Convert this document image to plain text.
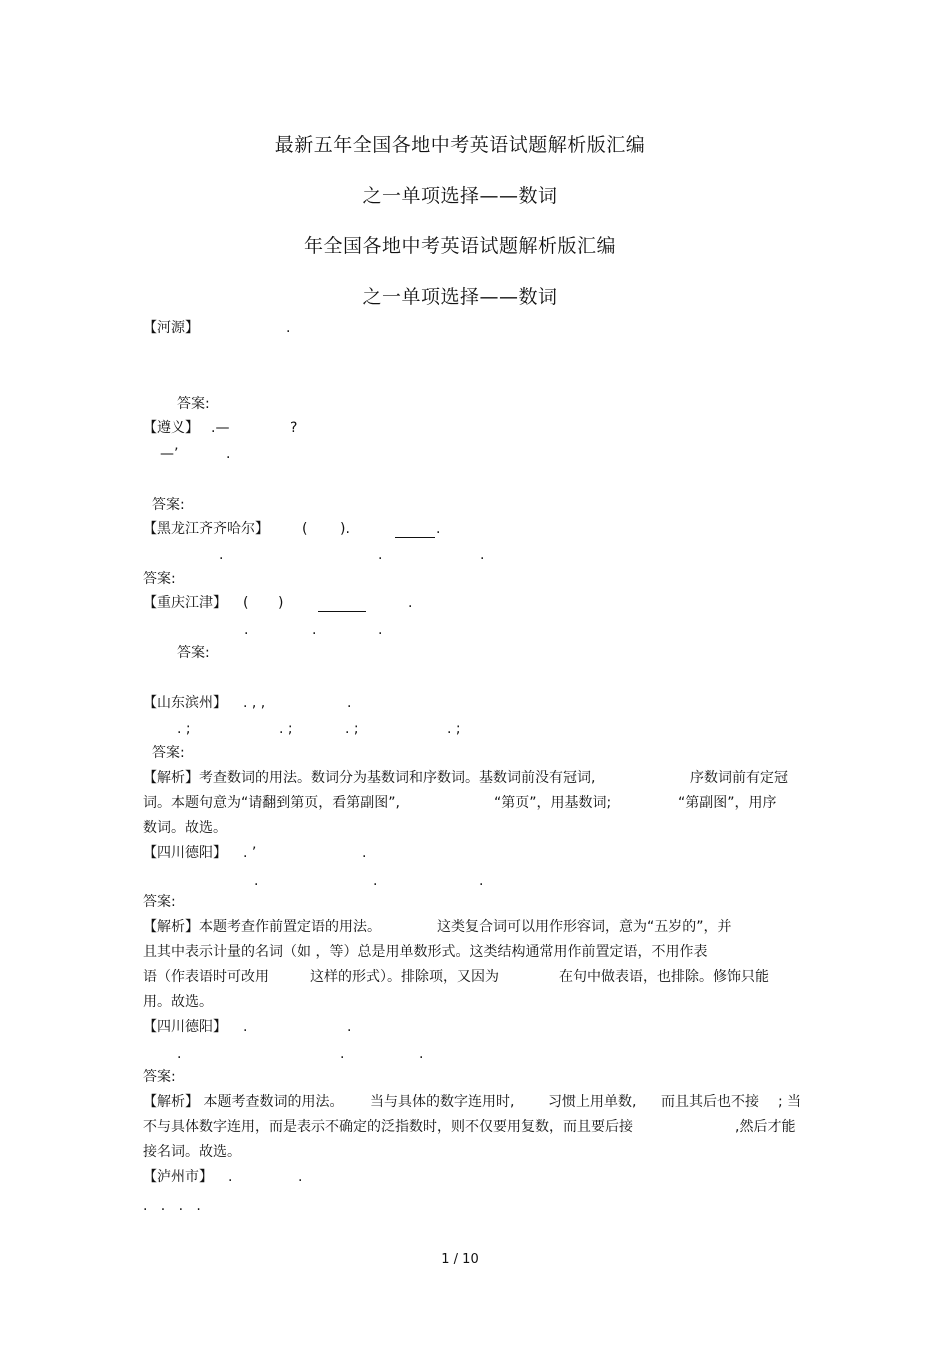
最新五年全国各地中考英语试题解析版汇编
之一单项选择——数词
年全国各地中考英语试题解析版汇编
之一单项选择——数词
【河源】	.
答案:
【遵义】 .—	?
—’	.
答案:
【黑龙江齐齐哈尔】 ( ).	.
.	.	.
答案:
【重庆江津】 ( )	.
.	.	.
答案:
【山东滨州】 . , ,	.
. ;	. ;	. ;	. ;
答案:
【解析】考查数词的用法。数词分为基数词和序数词。基数词前没有冠词,	序数词前有定冠
词。本题句意为“请翻到第页，看第副图”,	“第页”，用基数词;	“第副图”，用序
数词。故选。
【四川德阳】 . ’	.
.	.	.
答案:
【解析】本题考查作前置定语的用法。	这类复合词可以用作形容词，意为“五岁的”，并
且其中表示计量的名词（如 ，等）总是用单数形式。这类结构通常用作前置定语，不用作表
语（作表语时可改用	这样的形式）。排除项，又因为	在句中做表语，也排除。修饰只能
用。故选。
【四川德阳】 .	.
.	.	.
答案:
【解析】 本题考查数词的用法。 当与具体的数字连用时, 习惯上用单数, 而且其后也不接 ; 当
不与具体数字连用，而是表示不确定的泛指数时，则不仅要用复数，而且要后接	,然后才能
接名词。故选。
【泸州市】 .	.
.   .   .   .
1 / 10
